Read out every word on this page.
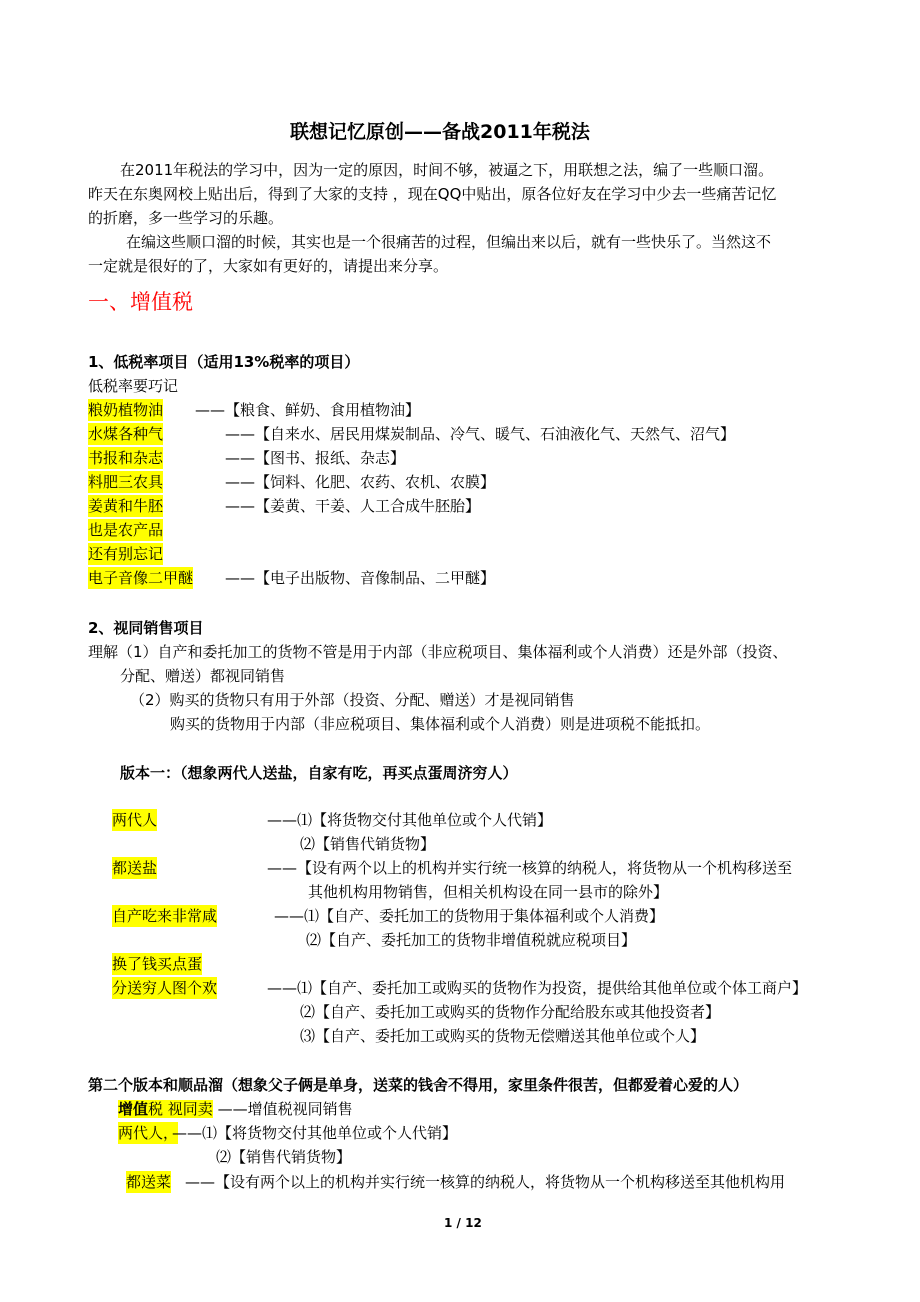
联想记忆原创——备战2011年税法
在2011年税法的学习中，因为一定的原因，时间不够，被逼之下，用联想之法，编了一些顺口溜。
昨天在东奥网校上贴出后，得到了大家的支持 ，现在QQ中贴出，原各位好友在学习中少去一些痛苦记忆
的折磨，多一些学习的乐趣。
在编这些顺口溜的时候，其实也是一个很痛苦的过程，但编出来以后，就有一些快乐了。当然这不
一定就是很好的了，大家如有更好的，请提出来分享。
一、增值税
1、低税率项目（适用13%税率的项目）
低税率要巧记
粮奶植物油 ——【粮食、鲜奶、食用植物油】
水煤各种气	——【自来水、居民用煤炭制品、冷气、暖气、石油液化气、天然气、沼气】
书报和杂志	——【图书、报纸、杂志】
料肥三农具	——【饲料、化肥、农药、农机、农膜】
姜黄和牛胚	——【姜黄、干姜、人工合成牛胚胎】
也是农产品
还有别忘记
电子音像二甲醚 ——【电子出版物、音像制品、二甲醚】
2、视同销售项目
理解（1）自产和委托加工的货物不管是用于内部（非应税项目、集体福利或个人消费）还是外部（投资、
分配、赠送）都视同销售
（2）购买的货物只有用于外部（投资、分配、赠送）才是视同销售
购买的货物用于内部（非应税项目、集体福利或个人消费）则是进项税不能抵扣。
版本一：（想象两代人送盐，自家有吃，再买点蛋周济穷人）
两代人	——⑴【将货物交付其他单位或个人代销】
⑵【销售代销货物】
都送盐	——【设有两个以上的机构并实行统一核算的纳税人，将货物从一个机构移送至
其他机构用物销售，但相关机构设在同一县市的除外】
自产吃来非常咸	——⑴【自产、委托加工的货物用于集体福利或个人消费】
⑵【自产、委托加工的货物非增值税就应税项目】
换了钱买点蛋
分送穷人图个欢	——⑴【自产、委托加工或购买的货物作为投资，提供给其他单位或个体工商户】
⑵【自产、委托加工或购买的货物作分配给股东或其他投资者】
⑶【自产、委托加工或购买的货物无偿赠送其他单位或个人】
第二个版本和顺品溜（想象父子俩是单身，送菜的钱舍不得用，家里条件很苦，但都爱着心爱的人）
增值税 视同卖 ——增值税视同销售
两代人，
——⑴【将货物交付其他单位或个人代销】
⑵【销售代销货物】
都送菜 ——【设有两个以上的机构并实行统一核算的纳税人，将货物从一个机构移送至其他机构用
1 / 12
